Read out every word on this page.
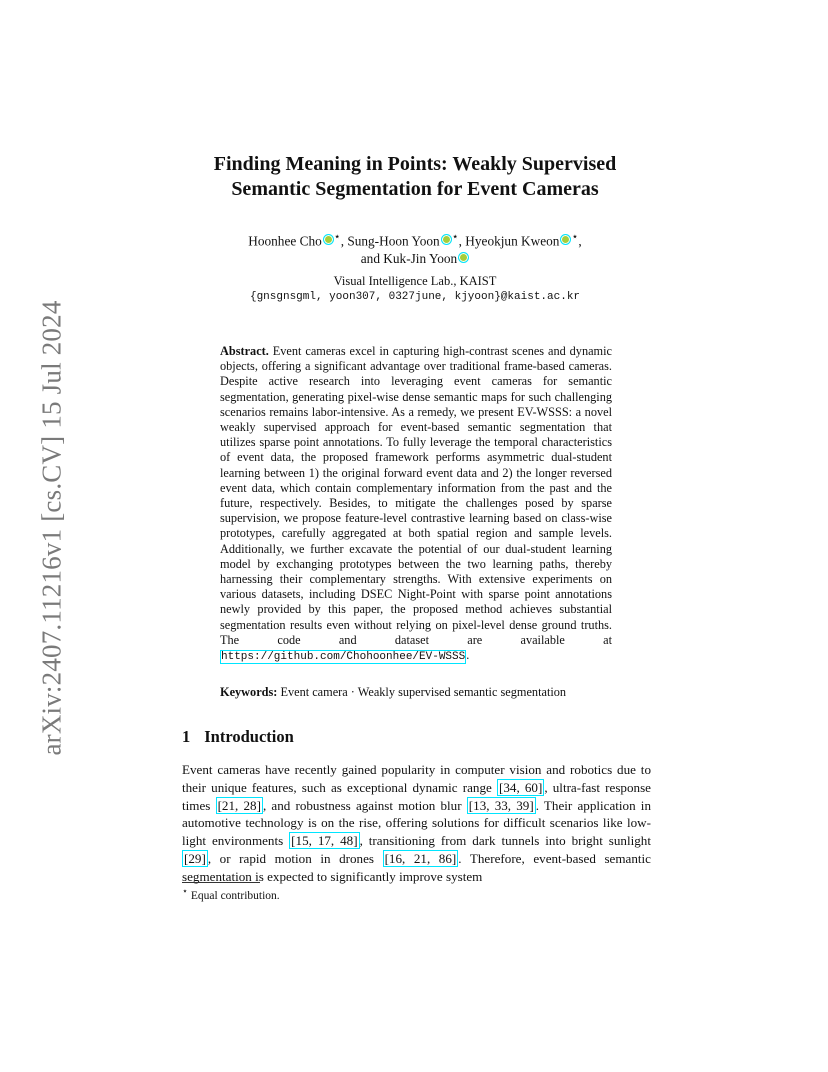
arXiv:2407.11216v1 [cs.CV] 15 Jul 2024
Finding Meaning in Points: Weakly Supervised
Semantic Segmentation for Event Cameras
Hoonhee Cho ⋆, Sung-Hoon Yoon ⋆, Hyeokjun Kweon ⋆,
and Kuk-Jin Yoon
Visual Intelligence Lab., KAIST
{gnsgnsgml, yoon307, 0327june, kjyoon}@kaist.ac.kr
Abstract. Event cameras excel in capturing high-contrast scenes and dynamic objects, offering a significant advantage over traditional frame-based cameras. Despite active research into leveraging event cameras for semantic segmentation, generating pixel-wise dense semantic maps for such challenging scenarios remains labor-intensive. As a remedy, we present EV-WSSS: a novel weakly supervised approach for event-based semantic segmentation that utilizes sparse point annotations. To fully leverage the temporal characteristics of event data, the proposed framework performs asymmetric dual-student learning between 1) the original forward event data and 2) the longer reversed event data, which contain complementary information from the past and the future, respectively. Besides, to mitigate the challenges posed by sparse supervision, we propose feature-level contrastive learning based on class-wise prototypes, carefully aggregated at both spatial region and sample levels. Additionally, we further excavate the potential of our dual-student learning model by exchanging prototypes between the two learning paths, thereby harnessing their complementary strengths. With extensive experiments on various datasets, including DSEC Night-Point with sparse point annotations newly provided by this paper, the proposed method achieves substantial segmentation results even without relying on pixel-level dense ground truths. The code and dataset are available at https://github.com/Chohoonhee/EV-WSSS.
Keywords: Event camera · Weakly supervised semantic segmentation
1 Introduction
Event cameras have recently gained popularity in computer vision and robotics due to their unique features, such as exceptional dynamic range [34, 60] , ultra-fast response times [21, 28] , and robustness against motion blur [13, 33, 39] . Their application in automotive technology is on the rise, offering solutions for difficult scenarios like low-light environments [15, 17, 48] , transitioning from dark tunnels into bright sunlight [29] , or rapid motion in drones [16, 21, 86] . Therefore, event-based semantic segmentation is expected to significantly improve system
⋆ Equal contribution.
